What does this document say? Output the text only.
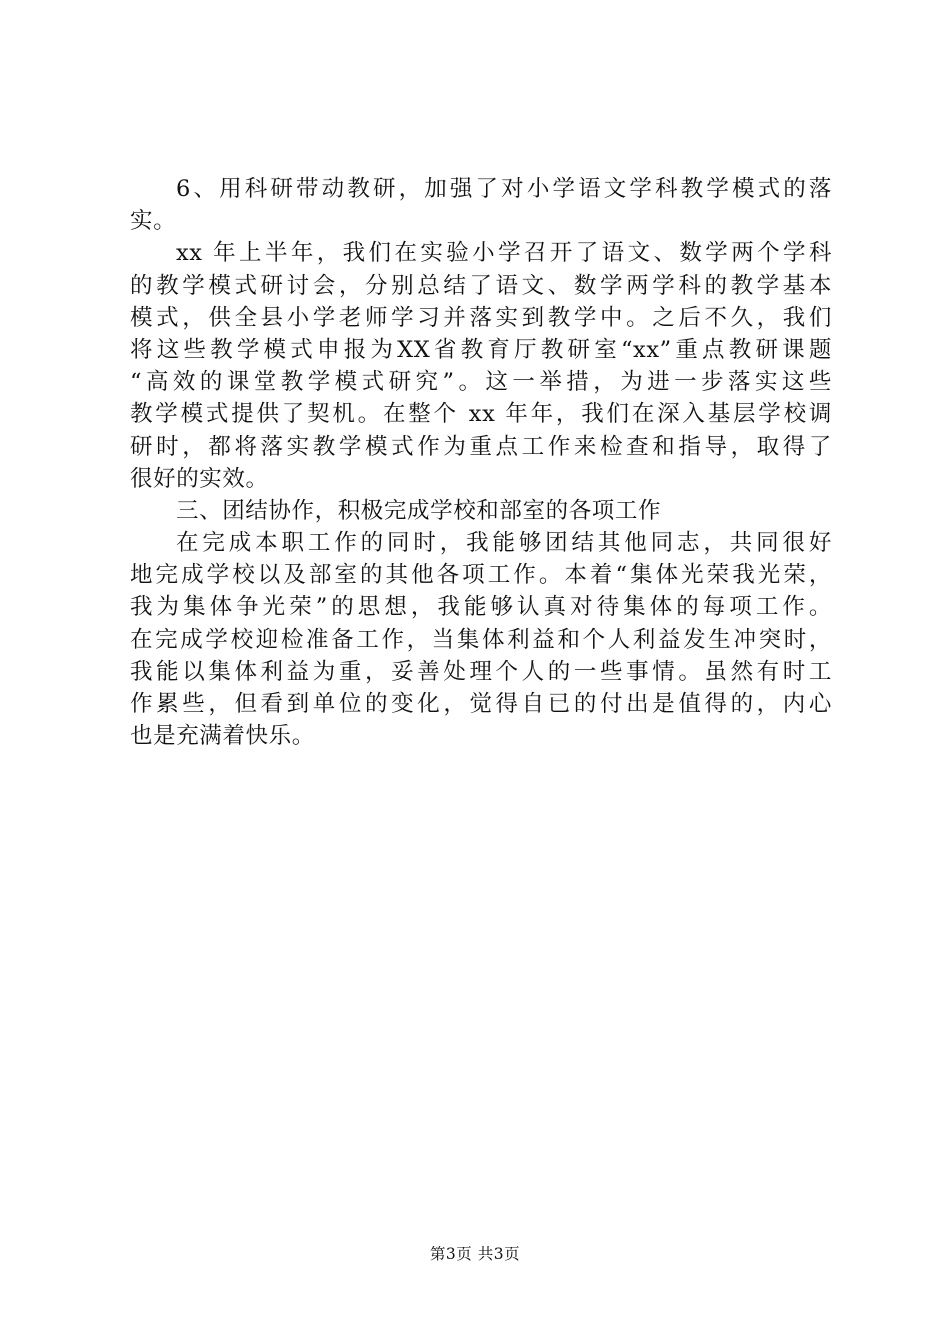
6、用科研带动教研，加强了对小学语文学科教学模式的落
实。
xx 年上半年，我们在实验小学召开了语文、数学两个学科
的教学模式研讨会，分别总结了语文、数学两学科的教学基本
模式，供全县小学老师学习并落实到教学中。之后不久，我们
将这些教学模式申报为XX省教育厅教研室“xx”重点教研课题
“高效的课堂教学模式研究”。这一举措，为进一步落实这些
教学模式提供了契机。在整个 xx 年年，我们在深入基层学校调
研时，都将落实教学模式作为重点工作来检查和指导，取得了
很好的实效。
三、团结协作，积极完成学校和部室的各项工作
在完成本职工作的同时，我能够团结其他同志，共同很好
地完成学校以及部室的其他各项工作。本着“集体光荣我光荣，
我为集体争光荣”的思想，我能够认真对待集体的每项工作。
在完成学校迎检准备工作，当集体利益和个人利益发生冲突时，
我能以集体利益为重，妥善处理个人的一些事情。虽然有时工
作累些，但看到单位的变化，觉得自已的付出是值得的，内心
也是充满着快乐。
第3页 共3页
